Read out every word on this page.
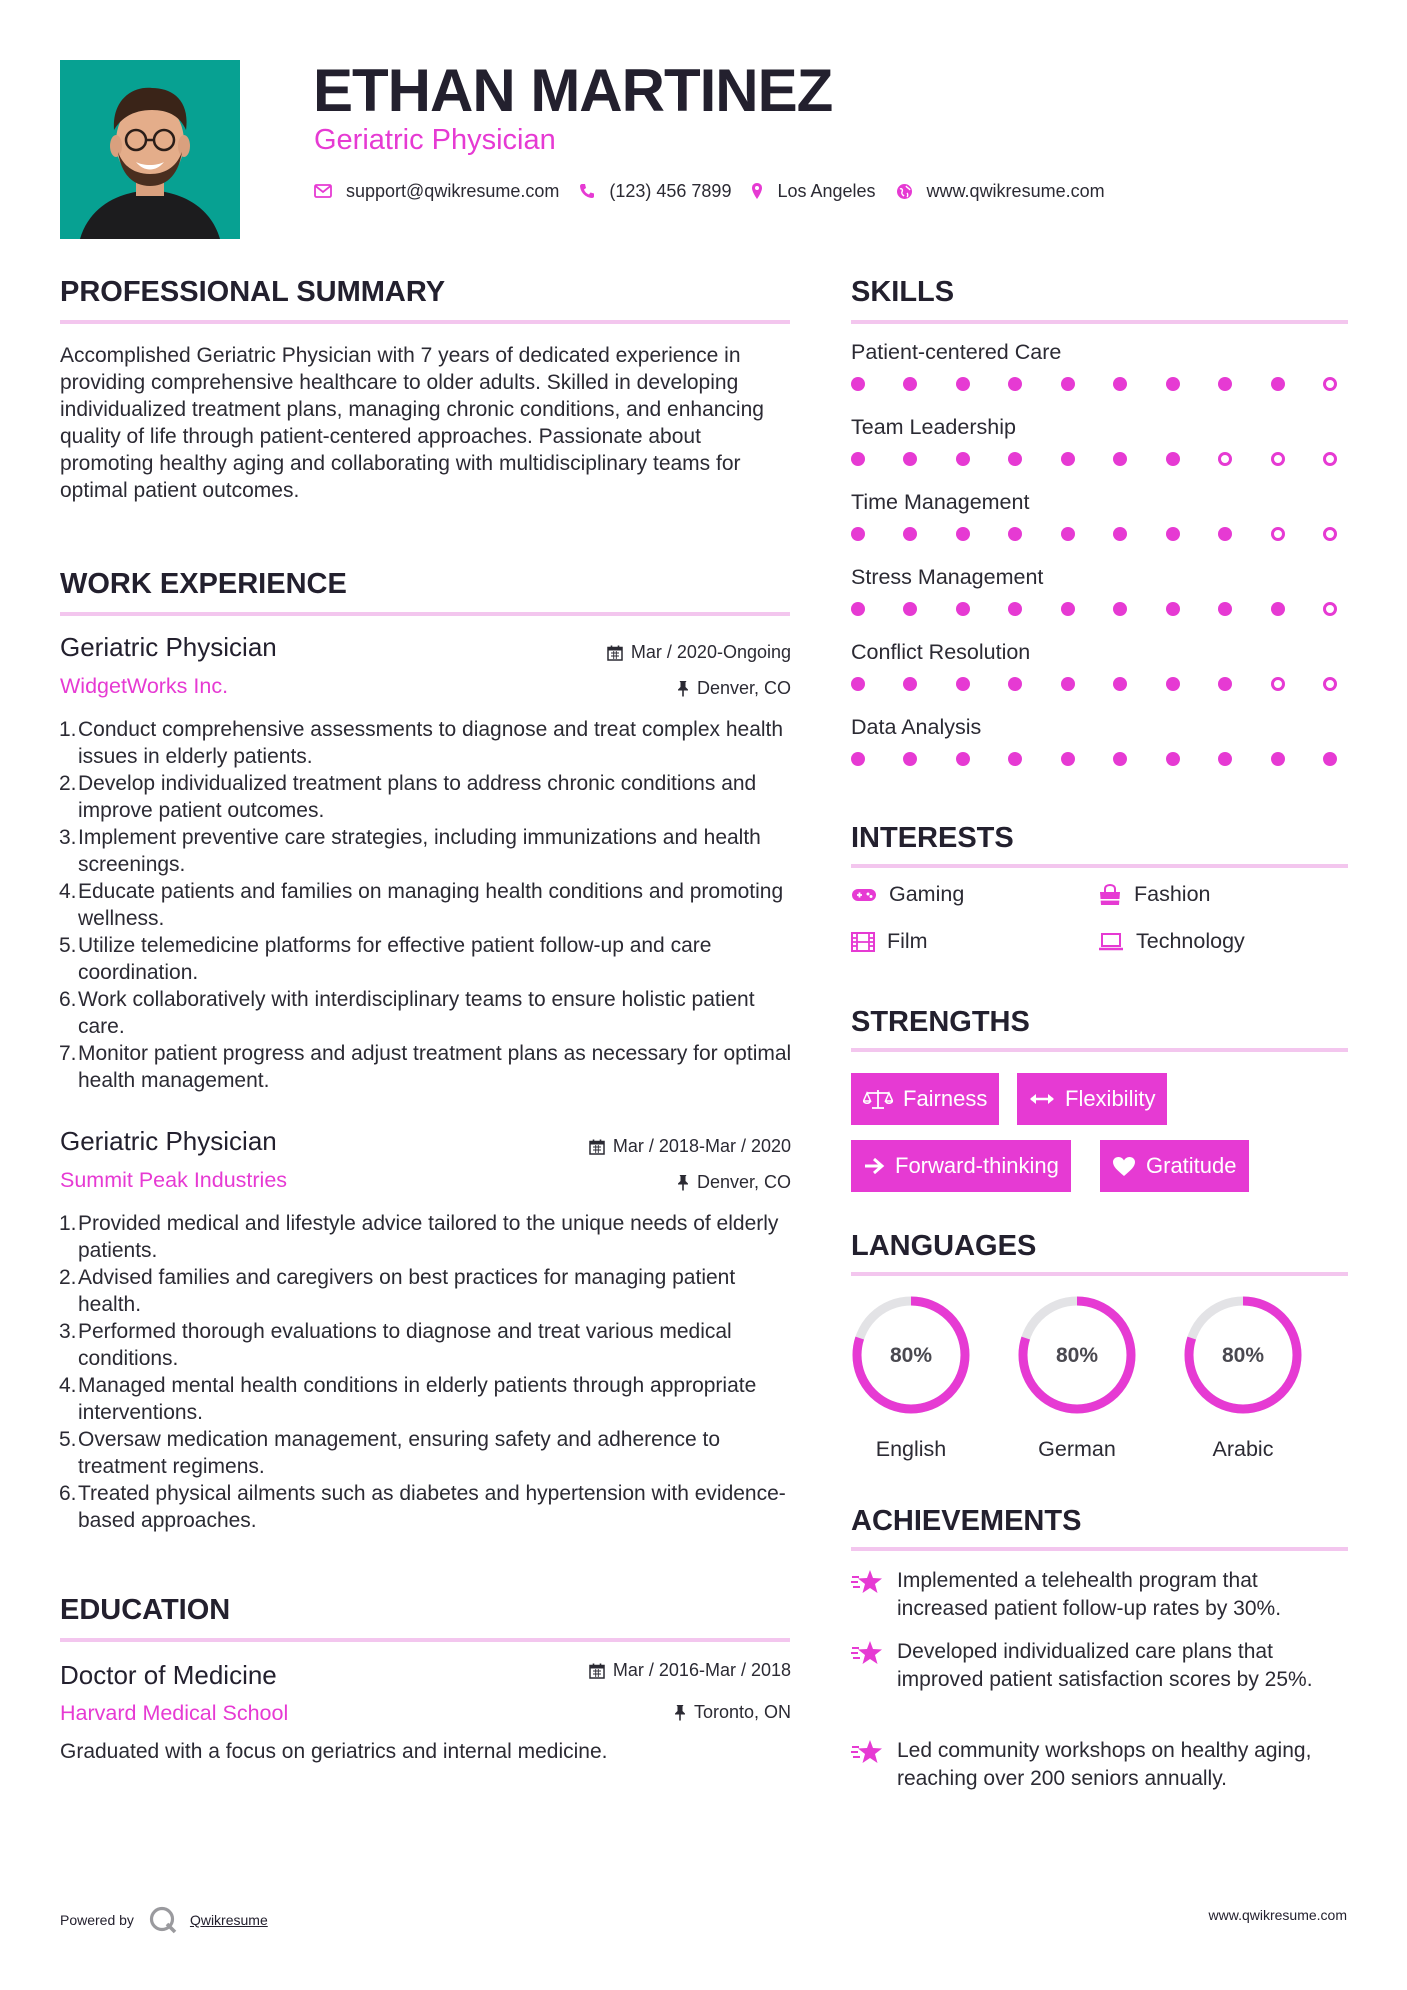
ETHAN MARTINEZ
Geriatric Physician
support@qwikresume.com	(123) 456 7899	Los Angeles	www.qwikresume.com
PROFESSIONAL SUMMARY
Accomplished Geriatric Physician with 7 years of dedicated experience in providing comprehensive healthcare to older adults. Skilled in developing individualized treatment plans, managing chronic conditions, and enhancing quality of life through patient-centered approaches. Passionate about promoting healthy aging and collaborating with multidisciplinary teams for optimal patient outcomes.
WORK EXPERIENCE
Geriatric Physician
WidgetWorks Inc.
Mar / 2020-Ongoing
Denver, CO
1. Conduct comprehensive assessments to diagnose and treat complex health issues in elderly patients.
2. Develop individualized treatment plans to address chronic conditions and improve patient outcomes.
3. Implement preventive care strategies, including immunizations and health screenings.
4. Educate patients and families on managing health conditions and promoting wellness.
5. Utilize telemedicine platforms for effective patient follow-up and care coordination.
6. Work collaboratively with interdisciplinary teams to ensure holistic patient care.
7. Monitor patient progress and adjust treatment plans as necessary for optimal health management.
Geriatric Physician
Summit Peak Industries
Mar / 2018-Mar / 2020
Denver, CO
1. Provided medical and lifestyle advice tailored to the unique needs of elderly patients.
2. Advised families and caregivers on best practices for managing patient health.
3. Performed thorough evaluations to diagnose and treat various medical conditions.
4. Managed mental health conditions in elderly patients through appropriate interventions.
5. Oversaw medication management, ensuring safety and adherence to treatment regimens.
6. Treated physical ailments such as diabetes and hypertension with evidence-based approaches.
EDUCATION
Doctor of Medicine
Harvard Medical School
Mar / 2016-Mar / 2018
Toronto, ON
Graduated with a focus on geriatrics and internal medicine.
SKILLS
Patient-centered Care
Team Leadership
Time Management
Stress Management
Conflict Resolution
Data Analysis
INTERESTS
Gaming	Fashion
Film	Technology
STRENGTHS
Fairness	Flexibility
Forward-thinking	Gratitude
LANGUAGES
80%
English
80%
German
80%
Arabic
ACHIEVEMENTS
Implemented a telehealth program that increased patient follow-up rates by 30%.
Developed individualized care plans that improved patient satisfaction scores by 25%.
Led community workshops on healthy aging, reaching over 200 seniors annually.
Powered by	Qwikresume	www.qwikresume.com
